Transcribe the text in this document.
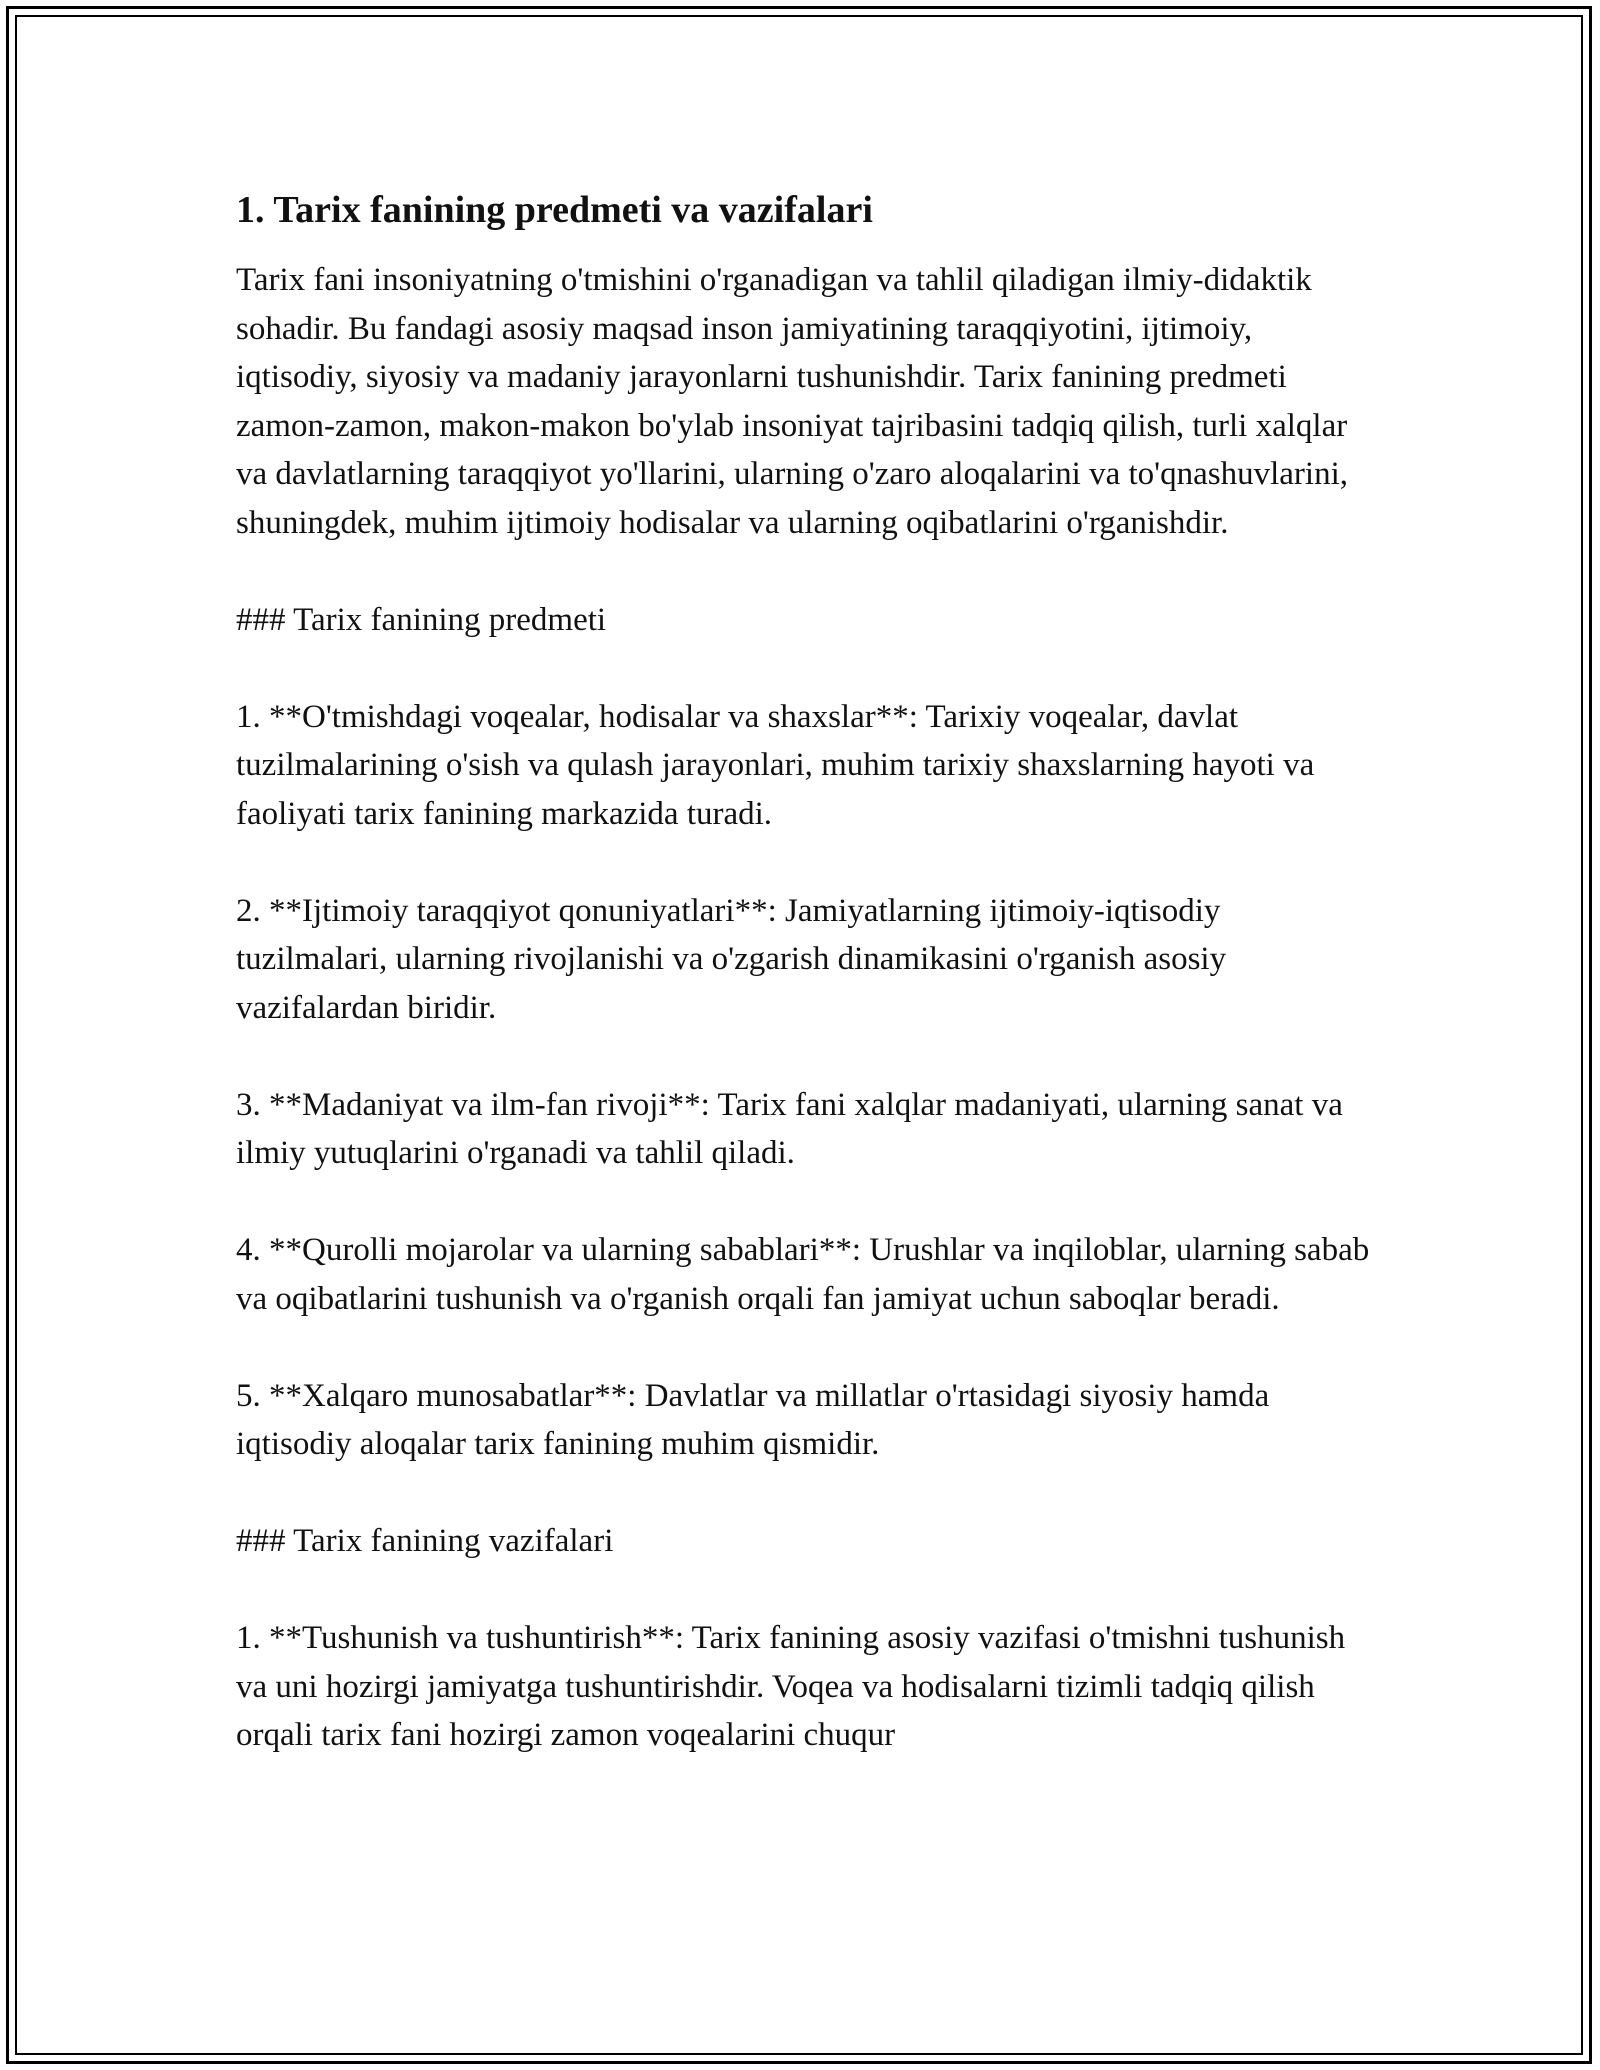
1. Tarix fanining predmeti va vazifalari

Tarix fani insoniyatning o'tmishini o'rganadigan va tahlil qiladigan ilmiy-didaktik sohadir. Bu fandagi asosiy maqsad inson jamiyatining taraqqiyotini, ijtimoiy, iqtisodiy, siyosiy va madaniy jarayonlarni tushunishdir. Tarix fanining predmeti zamon-zamon, makon-makon bo'ylab insoniyat tajribasini tadqiq qilish, turli xalqlar va davlatlarning taraqqiyot yo'llarini, ularning o'zaro aloqalarini va to'qnashuvlarini, shuningdek, muhim ijtimoiy hodisalar va ularning oqibatlarini o'rganishdir.

### Tarix fanining predmeti

1. **O'tmishdagi voqealar, hodisalar va shaxslar**: Tarixiy voqealar, davlat tuzilmalarining o'sish va qulash jarayonlari, muhim tarixiy shaxslarning hayoti va faoliyati tarix fanining markazida turadi.

2. **Ijtimoiy taraqqiyot qonuniyatlari**: Jamiyatlarning ijtimoiy-iqtisodiy tuzilmalari, ularning rivojlanishi va o'zgarish dinamikasini o'rganish asosiy vazifalardan biridir.

3. **Madaniyat va ilm-fan rivoji**: Tarix fani xalqlar madaniyati, ularning sanat va ilmiy yutuqlarini o'rganadi va tahlil qiladi.

4. **Qurolli mojarolar va ularning sabablari**: Urushlar va inqiloblar, ularning sabab va oqibatlarini tushunish va o'rganish orqali fan jamiyat uchun saboqlar beradi.

5. **Xalqaro munosabatlar**: Davlatlar va millatlar o'rtasidagi siyosiy hamda iqtisodiy aloqalar tarix fanining muhim qismidir.

### Tarix fanining vazifalari

1. **Tushunish va tushuntirish**: Tarix fanining asosiy vazifasi o'tmishni tushunish va uni hozirgi jamiyatga tushuntirishdir. Voqea va hodisalarni tizimli tadqiq qilish orqali tarix fani hozirgi zamon voqealarini chuqur
